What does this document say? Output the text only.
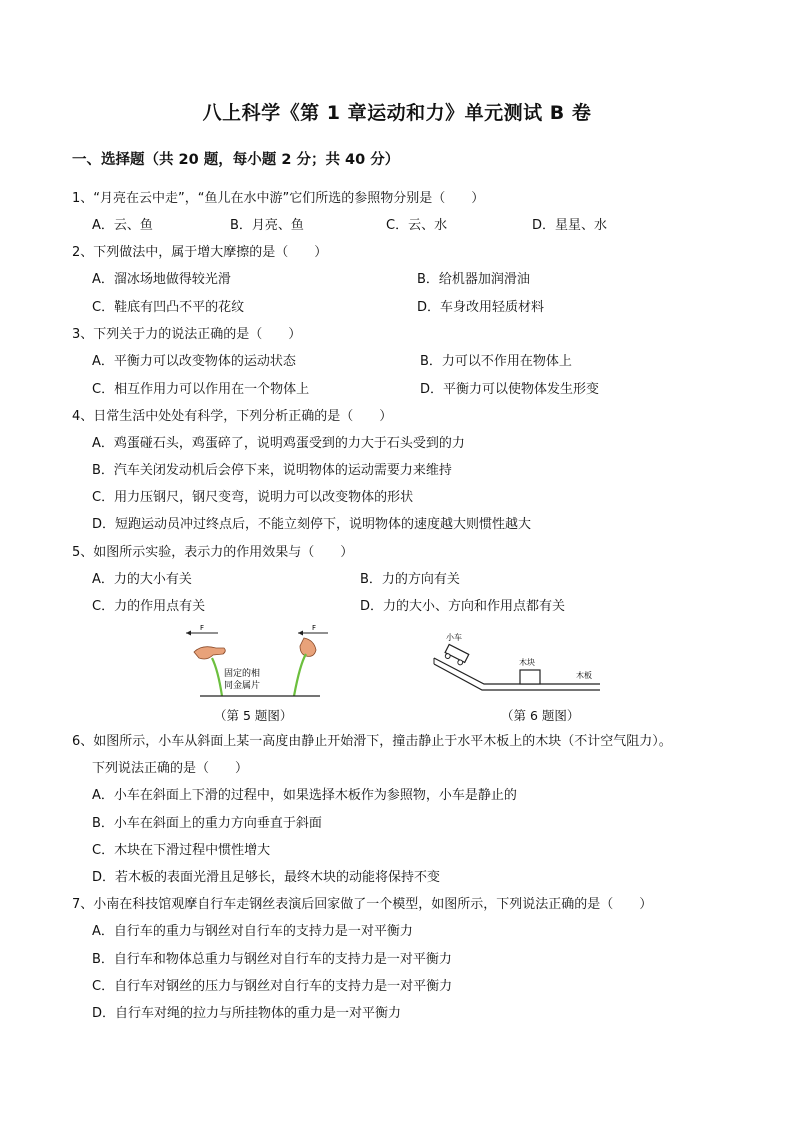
八上科学《第 1 章运动和力》单元测试 B 卷
一、选择题（共 20 题，每小题 2 分；共 40 分）
1、“月亮在云中走”，“鱼儿在水中游”它们所选的参照物分别是（　　）
A．云、鱼	B．月亮、鱼	C．云、水	D．星星、水
2、下列做法中，属于增大摩擦的是（　　）
A．溜冰场地做得较光滑	B．给机器加润滑油
C．鞋底有凹凸不平的花纹	D．车身改用轻质材料
3、下列关于力的说法正确的是（　　）
A．平衡力可以改变物体的运动状态	B．力可以不作用在物体上
C．相互作用力可以作用在一个物体上	D．平衡力可以使物体发生形变
4、日常生活中处处有科学，下列分析正确的是（　　）
A．鸡蛋碰石头，鸡蛋碎了，说明鸡蛋受到的力大于石头受到的力
B．汽车关闭发动机后会停下来，说明物体的运动需要力来维持
C．用力压钢尺，钢尺变弯，说明力可以改变物体的形状
D．短跑运动员冲过终点后，不能立刻停下，说明物体的速度越大则惯性越大
5、如图所示实验，表示力的作用效果与（　　）
A．力的大小有关	B．力的方向有关
C．力的作用点有关	D．力的大小、方向和作用点都有关
F	F
固定的相
同金属片
小车
木块
木板
（第 5 题图）	（第 6 题图）
6、如图所示，小车从斜面上某一高度由静止开始滑下，撞击静止于水平木板上的木块（不计空气阻力）。
下列说法正确的是（　　）
A．小车在斜面上下滑的过程中，如果选择木板作为参照物，小车是静止的
B．小车在斜面上的重力方向垂直于斜面
C．木块在下滑过程中惯性增大
D．若木板的表面光滑且足够长，最终木块的动能将保持不变
7、小南在科技馆观摩自行车走钢丝表演后回家做了一个模型，如图所示，下列说法正确的是（　　）
A．自行车的重力与钢丝对自行车的支持力是一对平衡力
B．自行车和物体总重力与钢丝对自行车的支持力是一对平衡力
C．自行车对钢丝的压力与钢丝对自行车的支持力是一对平衡力
D．自行车对绳的拉力与所挂物体的重力是一对平衡力
